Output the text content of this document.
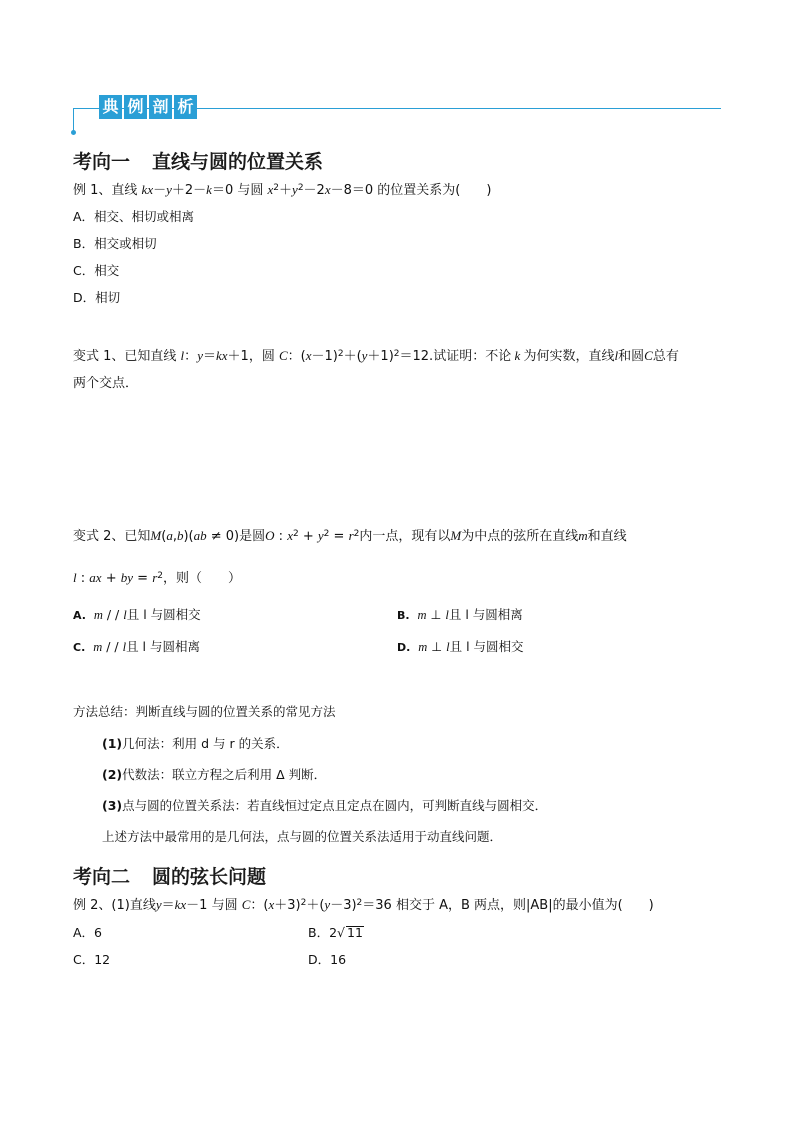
典 例 剖 析
考向一 直线与圆的位置关系
例 1、直线 kx－y＋2－k＝0 与圆 $x^2+y^2-2x-8=0$ 的位置关系为(　　)
A．相交、相切或相离
B．相交或相切
C．相交
D．相切
变式 1、已知直线 l：y＝kx＋1，圆 C：$(x-1)^2+(y+1)^2=12$.试证明：不论 k 为何实数，直线l和圆C总有
两个交点．
变式 2、已知M(a,b)(ab ≠ 0)是圆O : $x^2 + y^2 = r^2$内一点，现有以M为中点的弦所在直线m和直线
l : ax + by = $r^2$，则（　　）
A. m / / l且 l 与圆相交	B. m ⊥ l且 l 与圆相离
C. m / / l且 l 与圆相离	D. m ⊥ l且 l 与圆相交
方法总结：判断直线与圆的位置关系的常见方法
(1)几何法：利用 d 与 r 的关系．
(2)代数法：联立方程之后利用 Δ 判断．
(3)点与圆的位置关系法：若直线恒过定点且定点在圆内，可判断直线与圆相交．
上述方法中最常用的是几何法，点与圆的位置关系法适用于动直线问题．
考向二 圆的弦长问题
例 2、(1)直线y＝kx－1 与圆 C：$(x+3)^2+(y-3)^2=36$ 相交于 A，B 两点，则|AB|的最小值为(　　)
A．6	B．2√ 11
C．12	D．16
